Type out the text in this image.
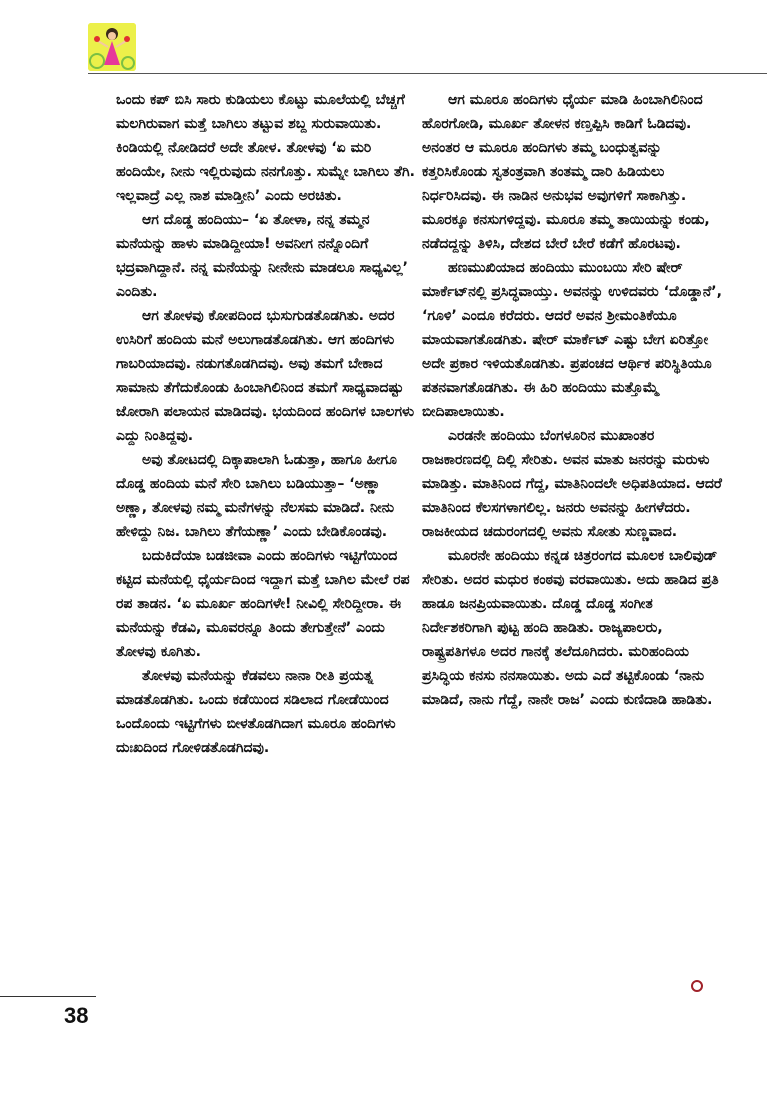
ಒಂದು ಕಪ್ ಬಿಸಿ ಸಾರು ಕುಡಿಯಲು ಕೊಟ್ಟು ಮೂಲೆಯಲ್ಲಿ ಬೆಚ್ಚಗೆ ಮಲಗಿರುವಾಗ ಮತ್ತೆ ಬಾಗಿಲು ತಟ್ಟುವ ಶಬ್ದ ಸುರುವಾಯಿತು. ಕಿಂಡಿಯಲ್ಲಿ ನೋಡಿದರೆ ಅದೇ ತೋಳ. ತೋಳವು ‘ಏ ಮರಿ ಹಂದಿಯೇ, ನೀನು ಇಲ್ಲಿರುವುದು ನನಗೊತ್ತು. ಸುಮ್ನೇ ಬಾಗಿಲು ತೆಗಿ. ಇಲ್ಲವಾದ್ರೆ ಎಲ್ಲ ನಾಶ ಮಾಡ್ತೀನಿ’ ಎಂದು ಅರಚಿತು.

ಆಗ ದೊಡ್ಡ ಹಂದಿಯು– ‘ಏ ತೋಳಾ, ನನ್ನ ತಮ್ಮನ ಮನೆಯನ್ನು ಹಾಳು ಮಾಡಿದ್ದೀಯಾ! ಅವನೀಗ ನನ್ನೊಂದಿಗೆ ಭದ್ರವಾಗಿದ್ದಾನೆ. ನನ್ನ ಮನೆಯನ್ನು ನೀನೇನು ಮಾಡಲೂ ಸಾಧ್ಯವಿಲ್ಲ’ ಎಂದಿತು.

ಆಗ ತೋಳವು ಕೋಪದಿಂದ ಭುಸುಗುಡತೊಡಗಿತು. ಅದರ ಉಸಿರಿಗೆ ಹಂದಿಯ ಮನೆ ಅಲುಗಾಡತೊಡಗಿತು. ಆಗ ಹಂದಿಗಳು ಗಾಬರಿಯಾದವು. ನಡುಗತೊಡಗಿದವು. ಅವು ತಮಗೆ ಬೇಕಾದ ಸಾಮಾನು ತೆಗೆದುಕೊಂಡು ಹಿಂಬಾಗಿಲಿನಿಂದ ತಮಗೆ ಸಾಧ್ಯವಾದಷ್ಟು ಜೋರಾಗಿ ಪಲಾಯನ ಮಾಡಿದವು. ಭಯದಿಂದ ಹಂದಿಗಳ ಬಾಲಗಳು ಎದ್ದು ನಿಂತಿದ್ದವು.

ಅವು ತೋಟದಲ್ಲಿ ದಿಕ್ಕಾಪಾಲಾಗಿ ಓಡುತ್ತಾ, ಹಾಗೂ ಹೀಗೂ ದೊಡ್ಡ ಹಂದಿಯ ಮನೆ ಸೇರಿ ಬಾಗಿಲು ಬಡಿಯುತ್ತಾ– ‘ಅಣ್ಣಾ ಅಣ್ಣಾ, ತೋಳವು ನಮ್ಮ ಮನೆಗಳನ್ನು ನೆಲಸಮ ಮಾಡಿದೆ. ನೀನು ಹೇಳಿದ್ದು ನಿಜ. ಬಾಗಿಲು ತೆಗೆಯಣ್ಣಾ’ ಎಂದು ಬೇಡಿಕೊಂಡವು.

ಬದುಕಿದೆಯಾ ಬಡಜೀವಾ ಎಂದು ಹಂದಿಗಳು ಇಟ್ಟಿಗೆಯಿಂದ ಕಟ್ಟಿದ ಮನೆಯಲ್ಲಿ ಧೈರ್ಯದಿಂದ ಇದ್ದಾಗ ಮತ್ತೆ ಬಾಗಿಲ ಮೇಲೆ ರಪ ರಪ ತಾಡನ. ‘ಏ ಮೂರ್ಖ ಹಂದಿಗಳೇ! ನೀವಿಲ್ಲಿ ಸೇರಿದ್ದೀರಾ. ಈ ಮನೆಯನ್ನು ಕೆಡವಿ, ಮೂವರನ್ನೂ ತಿಂದು ತೇಗುತ್ತೇನೆ’ ಎಂದು ತೋಳವು ಕೂಗಿತು.

ತೋಳವು ಮನೆಯನ್ನು ಕೆಡವಲು ನಾನಾ ರೀತಿ ಪ್ರಯತ್ನ ಮಾಡತೊಡಗಿತು. ಒಂದು ಕಡೆಯಿಂದ ಸಡಿಲಾದ ಗೋಡೆಯಿಂದ ಒಂದೊಂದು ಇಟ್ಟಿಗೆಗಳು ಬೀಳತೊಡಗಿದಾಗ ಮೂರೂ ಹಂದಿಗಳು ದುಃಖದಿಂದ ಗೋಳಿಡತೊಡಗಿದವು.

ಆಗ ಮೂರೂ ಹಂದಿಗಳು ಧೈರ್ಯ ಮಾಡಿ ಹಿಂಬಾಗಿಲಿನಿಂದ ಹೊರಗೋಡಿ, ಮೂರ್ಖ ತೋಳನ ಕಣ್ತಪ್ಪಿಸಿ ಕಾಡಿಗೆ ಓಡಿದವು. ಅನಂತರ ಆ ಮೂರೂ ಹಂದಿಗಳು ತಮ್ಮ ಬಂಧುತ್ವವನ್ನು ಕತ್ತರಿಸಿಕೊಂಡು ಸ್ವತಂತ್ರವಾಗಿ ತಂತಮ್ಮ ದಾರಿ ಹಿಡಿಯಲು ನಿರ್ಧರಿಸಿದವು. ಈ ನಾಡಿನ ಅನುಭವ ಅವುಗಳಿಗೆ ಸಾಕಾಗಿತ್ತು. ಮೂರಕ್ಕೂ ಕನಸುಗಳಿದ್ದವು. ಮೂರೂ ತಮ್ಮ ತಾಯಿಯನ್ನು ಕಂಡು, ನಡೆದದ್ದನ್ನು ತಿಳಿಸಿ, ದೇಶದ ಬೇರೆ ಬೇರೆ ಕಡೆಗೆ ಹೊರಟವು.

ಹಣಮುಖಿಯಾದ ಹಂದಿಯು ಮುಂಬಯಿ ಸೇರಿ ಷೇರ್ ಮಾರ್ಕೆಟ್‌ನಲ್ಲಿ ಪ್ರಸಿದ್ಧವಾಯ್ತು. ಅವನನ್ನು ಉಳಿದವರು ‘ದೊಡ್ಡಾನೆ’, ‘ಗೂಳಿ’ ಎಂದೂ ಕರೆದರು. ಆದರೆ ಅವನ ಶ್ರೀಮಂತಿಕೆಯೂ ಮಾಯವಾಗತೊಡಗಿತು. ಷೇರ್ ಮಾರ್ಕೆಟ್ ಎಷ್ಟು ಬೇಗ ಏರಿತ್ತೋ ಅದೇ ಪ್ರಕಾರ ಇಳಿಯತೊಡಗಿತು. ಪ್ರಪಂಚದ ಆರ್ಥಿಕ ಪರಿಸ್ಥಿತಿಯೂ ಪತನವಾಗತೊಡಗಿತು. ಈ ಹಿರಿ ಹಂದಿಯು ಮತ್ತೊಮ್ಮೆ ಬೀದಿಪಾಲಾಯಿತು.

ಎರಡನೇ ಹಂದಿಯು ಬೆಂಗಳೂರಿನ ಮುಖಾಂತರ ರಾಜಕಾರಣದಲ್ಲಿ ದಿಲ್ಲಿ ಸೇರಿತು. ಅವನ ಮಾತು ಜನರನ್ನು ಮರುಳು ಮಾಡಿತ್ತು. ಮಾತಿನಿಂದ ಗೆದ್ದ, ಮಾತಿನಿಂದಲೇ ಅಧಿಪತಿಯಾದ. ಆದರೆ ಮಾತಿನಿಂದ ಕೆಲಸಗಳಾಗಲಿಲ್ಲ. ಜನರು ಅವನನ್ನು ಹೀಗಳೆದರು. ರಾಜಕೀಯದ ಚದುರಂಗದಲ್ಲಿ ಅವನು ಸೋತು ಸುಣ್ಣವಾದ.

ಮೂರನೇ ಹಂದಿಯು ಕನ್ನಡ ಚಿತ್ರರಂಗದ ಮೂಲಕ ಬಾಲಿವುಡ್ ಸೇರಿತು. ಅದರ ಮಧುರ ಕಂಠವು ವರವಾಯಿತು. ಅದು ಹಾಡಿದ ಪ್ರತಿ ಹಾಡೂ ಜನಪ್ರಿಯವಾಯಿತು. ದೊಡ್ಡ ದೊಡ್ಡ ಸಂಗೀತ ನಿರ್ದೇಶಕರಿಗಾಗಿ ಪುಟ್ಟ ಹಂದಿ ಹಾಡಿತು. ರಾಜ್ಯಪಾಲರು, ರಾಷ್ಟ್ರಪತಿಗಳೂ ಅದರ ಗಾನಕ್ಕೆ ತಲೆದೂಗಿದರು. ಮರಿಹಂದಿಯ ಪ್ರಸಿದ್ಧಿಯ ಕನಸು ನನಸಾಯಿತು. ಅದು ಎದೆ ತಟ್ಟಿಕೊಂಡು ‘ನಾನು ಮಾಡಿದೆ, ನಾನು ಗೆದ್ದೆ, ನಾನೇ ರಾಜ’ ಎಂದು ಕುಣಿದಾಡಿ ಹಾಡಿತು.

38
